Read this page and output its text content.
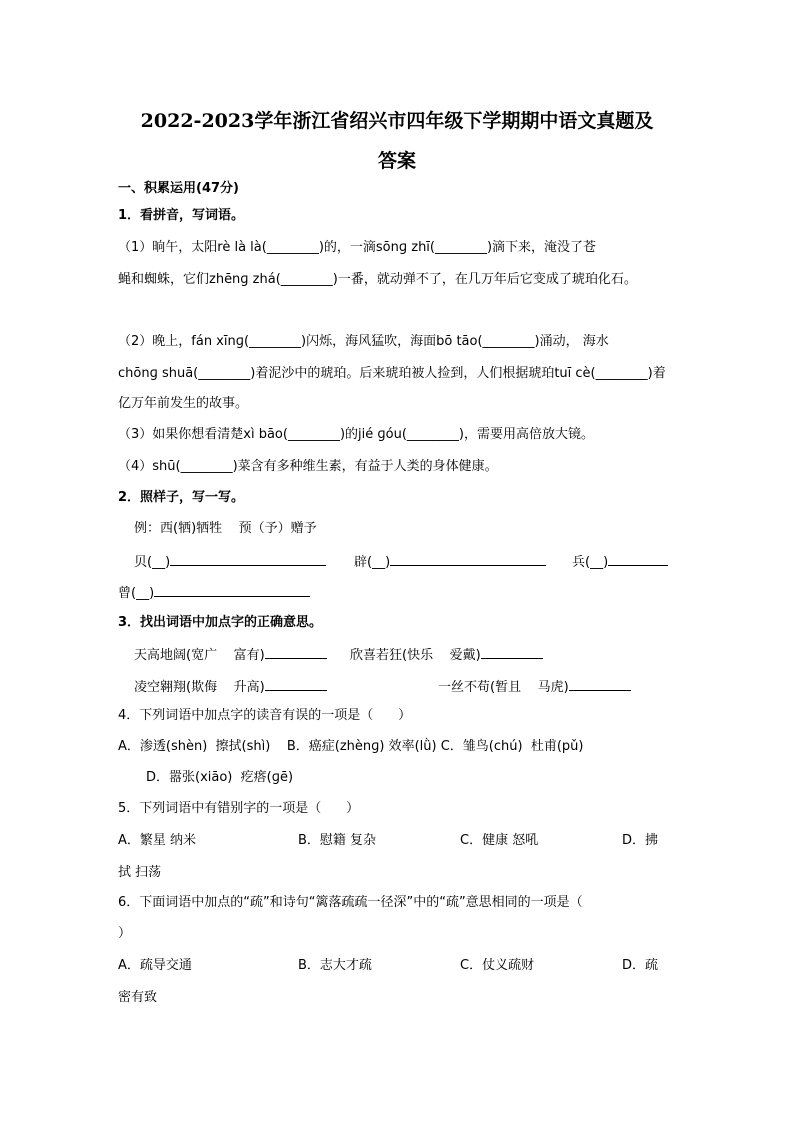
2022-2023学年浙江省绍兴市四年级下学期期中语文真题及
答案
一、积累运用(47分)
1．看拼音，写词语。
（1）晌午，太阳rè là là(________)的，一滴sōnɡ zhī(________)滴下来，淹没了苍
蝇和蜘蛛，它们zhēnɡ zhá(________)一番，就动弹不了，在几万年后它变成了琥珀化石。
（2）晚上，fán xīnɡ(________)闪烁，海风猛吹，海面bō tāo(________)涌动， 海水
chōnɡ shuā(________)着泥沙中的琥珀。后来琥珀被人捡到，人们根据琥珀tuī cè(________)着
亿万年前发生的故事。
（3）如果你想看清楚xì bāo(________)的jié ɡóu(________)，需要用高倍放大镜。
（4）shū(________)菜含有多种维生素，有益于人类的身体健康。
2．照样子，写一写。
例：西(牺)牺牲    预（予）赠予
贝(__)	辟(__)	兵(__)
曾(__)
3．找出词语中加点字的正确意思。
天高地阔(宽广    富有)	欣喜若狂(快乐    爱戴)
凌空翱翔(欺侮    升高)	一丝不苟(暂且    马虎)
4．下列词语中加点字的读音有误的一项是（      ）
A．渗透(shèn)  擦拭(shì)    B．癌症(zhènɡ) 效率(lǜ) C．雏鸟(chú)  杜甫(pǔ)
D．嚣张(xiāo)  疙瘩(ɡē)
5．下列词语中有错别字的一项是（      ）
A．繁星 纳米	B．慰籍 复杂	C．健康 怒吼	D．拂
拭 扫荡
6．下面词语中加点的“疏”和诗句“篱落疏疏一径深”中的“疏”意思相同的一项是（
）
A．疏导交通	B．志大才疏	C．仗义疏财	D．疏
密有致
